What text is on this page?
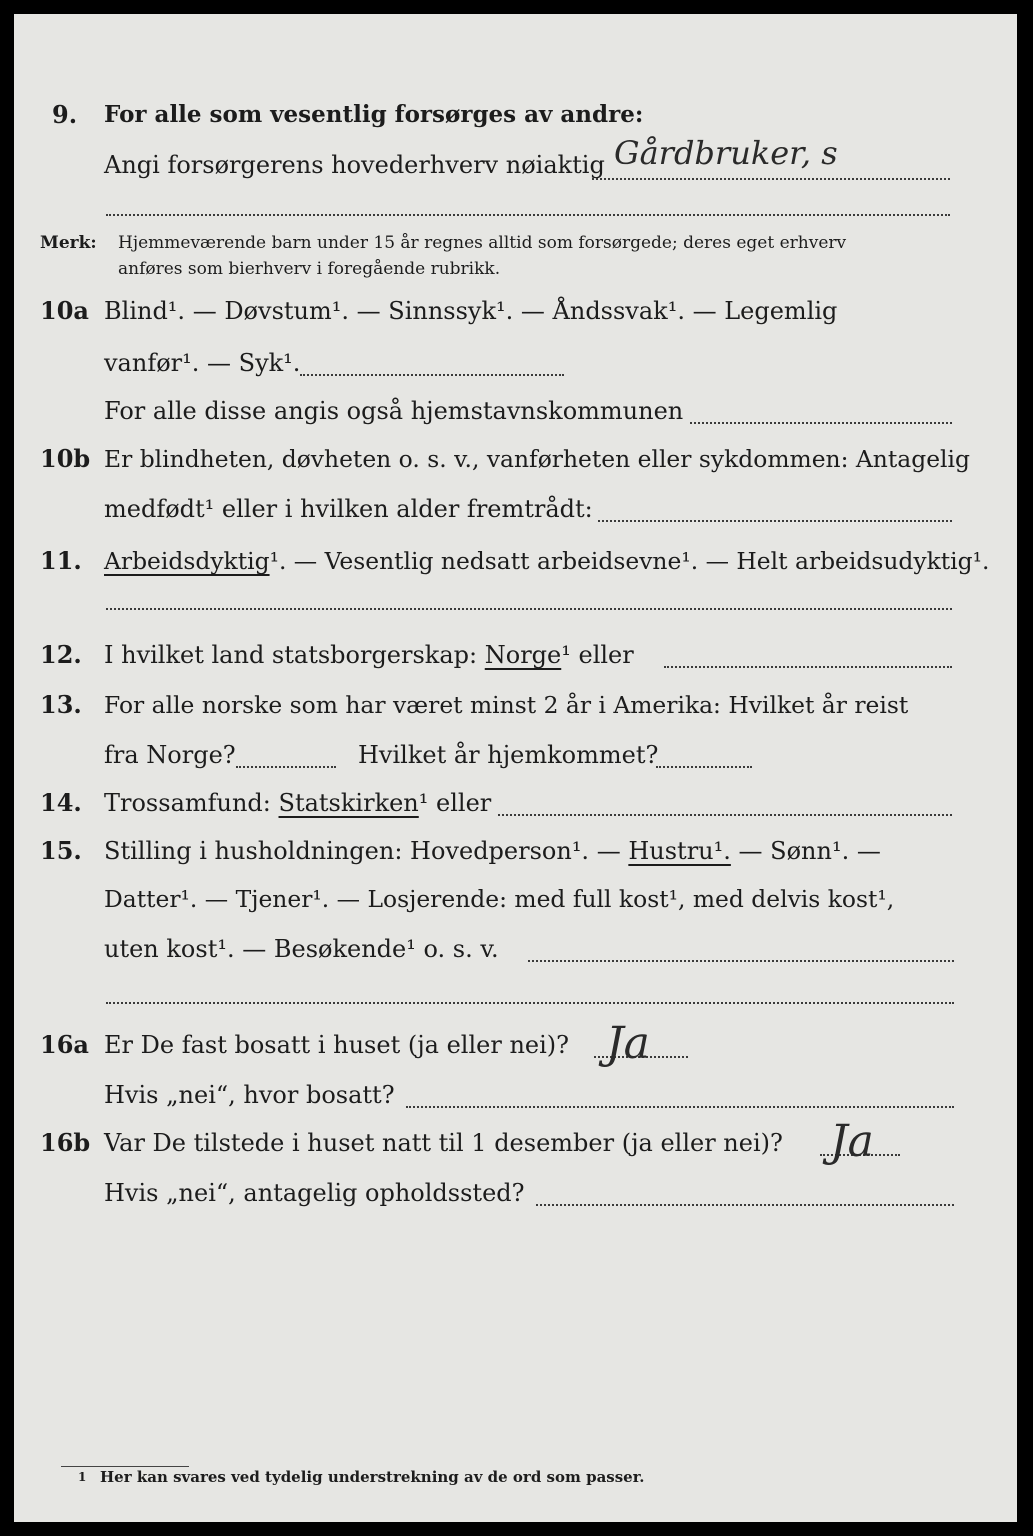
9. For alle som vesentlig forsørges av andre:
Angi forsørgerens hovederhverv nøiaktig Gårdbruker, s
Merk: Hjemmeværende barn under 15 år regnes alltid som forsørgede; deres eget erhverv
anføres som bierhverv i foregående rubrikk.
10a Blind¹. — Døvstum¹. — Sinnssyk¹. — Åndssvak¹. — Legemlig
vanfør¹. — Syk¹.
For alle disse angis også hjemstavnskommunen
10b Er blindheten, døvheten o. s. v., vanførheten eller sykdommen: Antagelig
medfødt¹ eller i hvilken alder fremtrådt:
11. Arbeidsdyktig¹. — Vesentlig nedsatt arbeidsevne¹. — Helt arbeidsudyktig¹.
12. I hvilket land statsborgerskap: Norge¹ eller
13. For alle norske som har været minst 2 år i Amerika: Hvilket år reist
fra Norge?	Hvilket år hjemkommet?
14. Trossamfund: Statskirken¹ eller
15. Stilling i husholdningen: Hovedperson¹. — Hustru¹. — Sønn¹. —
Datter¹. — Tjener¹. — Losjerende: med full kost¹, med delvis kost¹,
uten kost¹. — Besøkende¹ o. s. v.
16a Er De fast bosatt i huset (ja eller nei)? Ja
Hvis „nei“, hvor bosatt?
16b Var De tilstede i huset natt til 1 desember (ja eller nei)? Ja
Hvis „nei“, antagelig opholdssted?
1 Her kan svares ved tydelig understrekning av de ord som passer.
